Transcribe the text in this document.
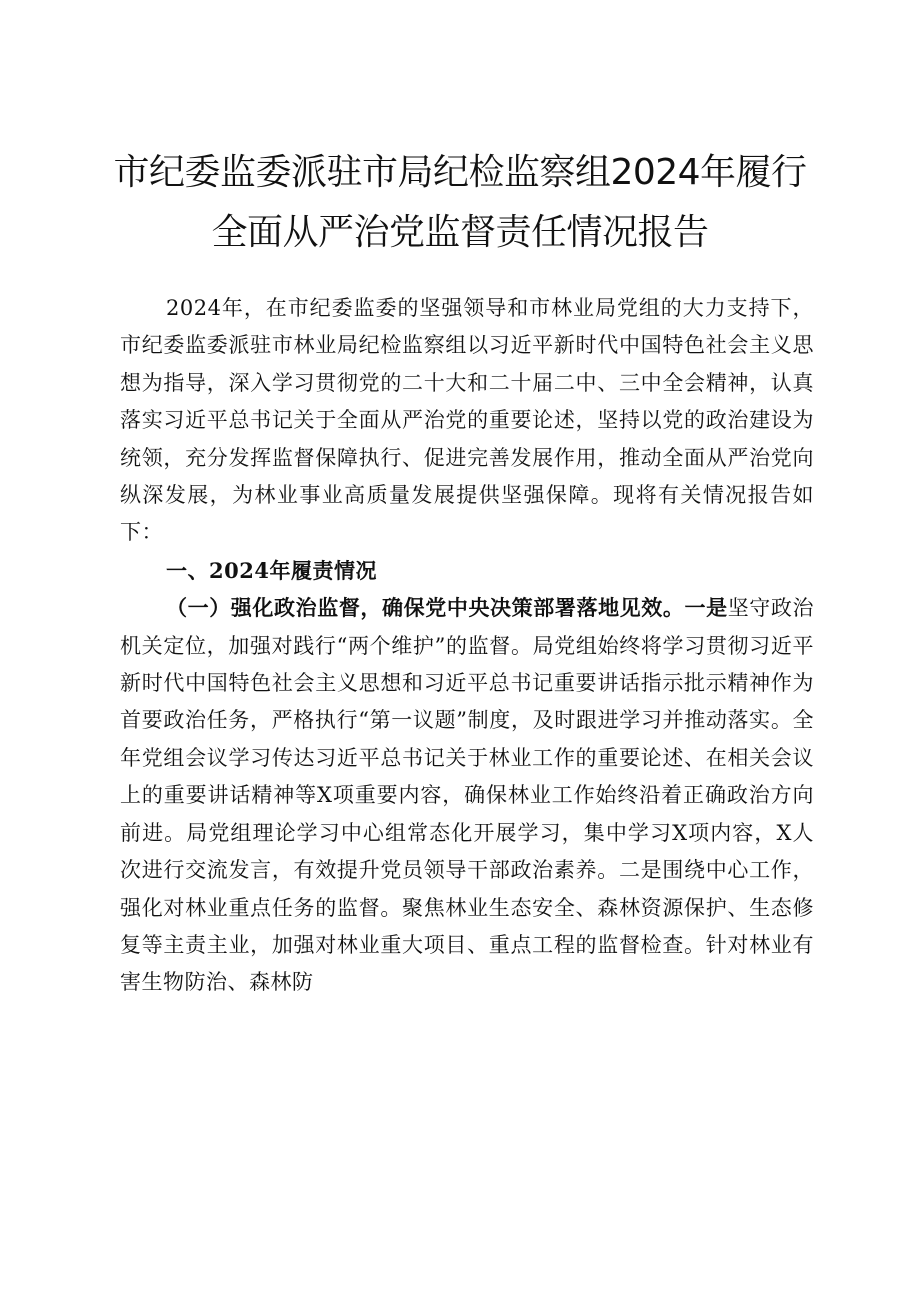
市纪委监委派驻市局纪检监察组2024年履行
全面从严治党监督责任情况报告

2024年，在市纪委监委的坚强领导和市林业局党组的大力支持下，市纪委监委派驻市林业局纪检监察组以习近平新时代中国特色社会主义思想为指导，深入学习贯彻党的二十大和二十届二中、三中全会精神，认真落实习近平总书记关于全面从严治党的重要论述，坚持以党的政治建设为统领，充分发挥监督保障执行、促进完善发展作用，推动全面从严治党向纵深发展，为林业事业高质量发展提供坚强保障。现将有关情况报告如下：

一、2024年履责情况

（一）强化政治监督，确保党中央决策部署落地见效。一是坚守政治机关定位，加强对践行“两个维护”的监督。局党组始终将学习贯彻习近平新时代中国特色社会主义思想和习近平总书记重要讲话指示批示精神作为首要政治任务，严格执行“第一议题”制度，及时跟进学习并推动落实。全年党组会议学习传达习近平总书记关于林业工作的重要论述、在相关会议上的重要讲话精神等X项重要内容，确保林业工作始终沿着正确政治方向前进。局党组理论学习中心组常态化开展学习，集中学习X项内容，X人次进行交流发言，有效提升党员领导干部政治素养。二是围绕中心工作，强化对林业重点任务的监督。聚焦林业生态安全、森林资源保护、生态修复等主责主业，加强对林业重大项目、重点工程的监督检查。针对林业有害生物防治、森林防
